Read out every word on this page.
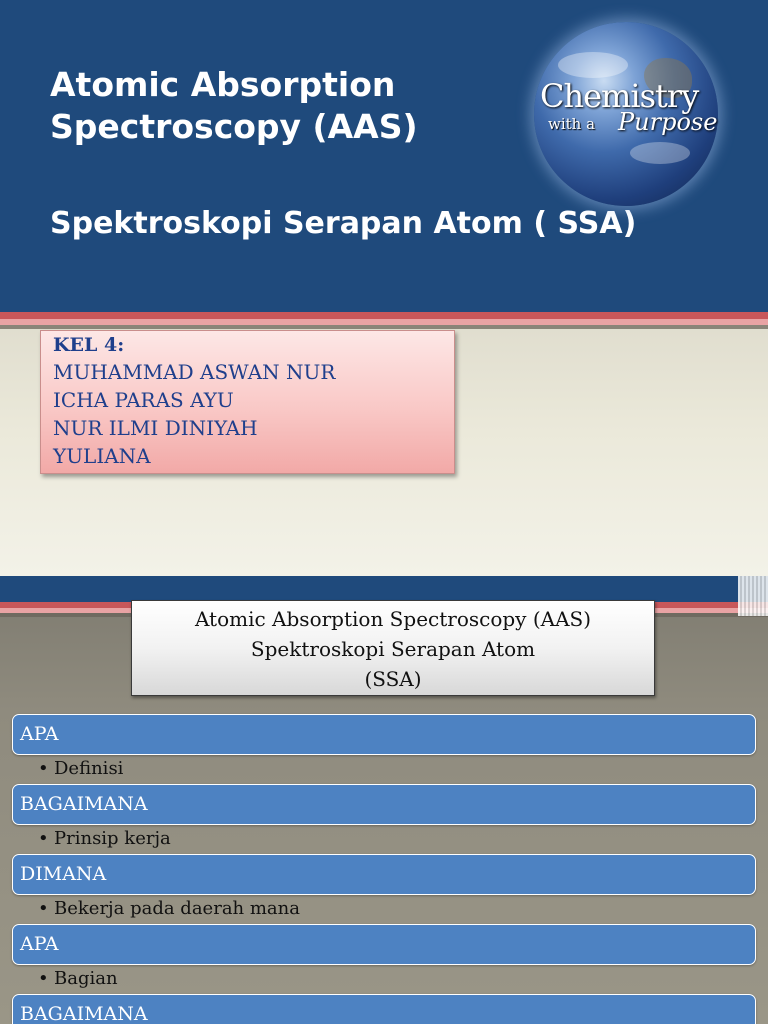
Atomic Absorption
Spectroscopy (AAS)
Spektroskopi Serapan Atom ( SSA)
Chemistry
with a Purpose
KEL 4:
MUHAMMAD ASWAN NUR
ICHA PARAS AYU
NUR ILMI DINIYAH
YULIANA
Atomic Absorption Spectroscopy (AAS)
Spektroskopi Serapan Atom
(SSA)
APA
• Definisi
BAGAIMANA
• Prinsip kerja
DIMANA
• Bekerja pada daerah mana
APA
• Bagian
BAGAIMANA
